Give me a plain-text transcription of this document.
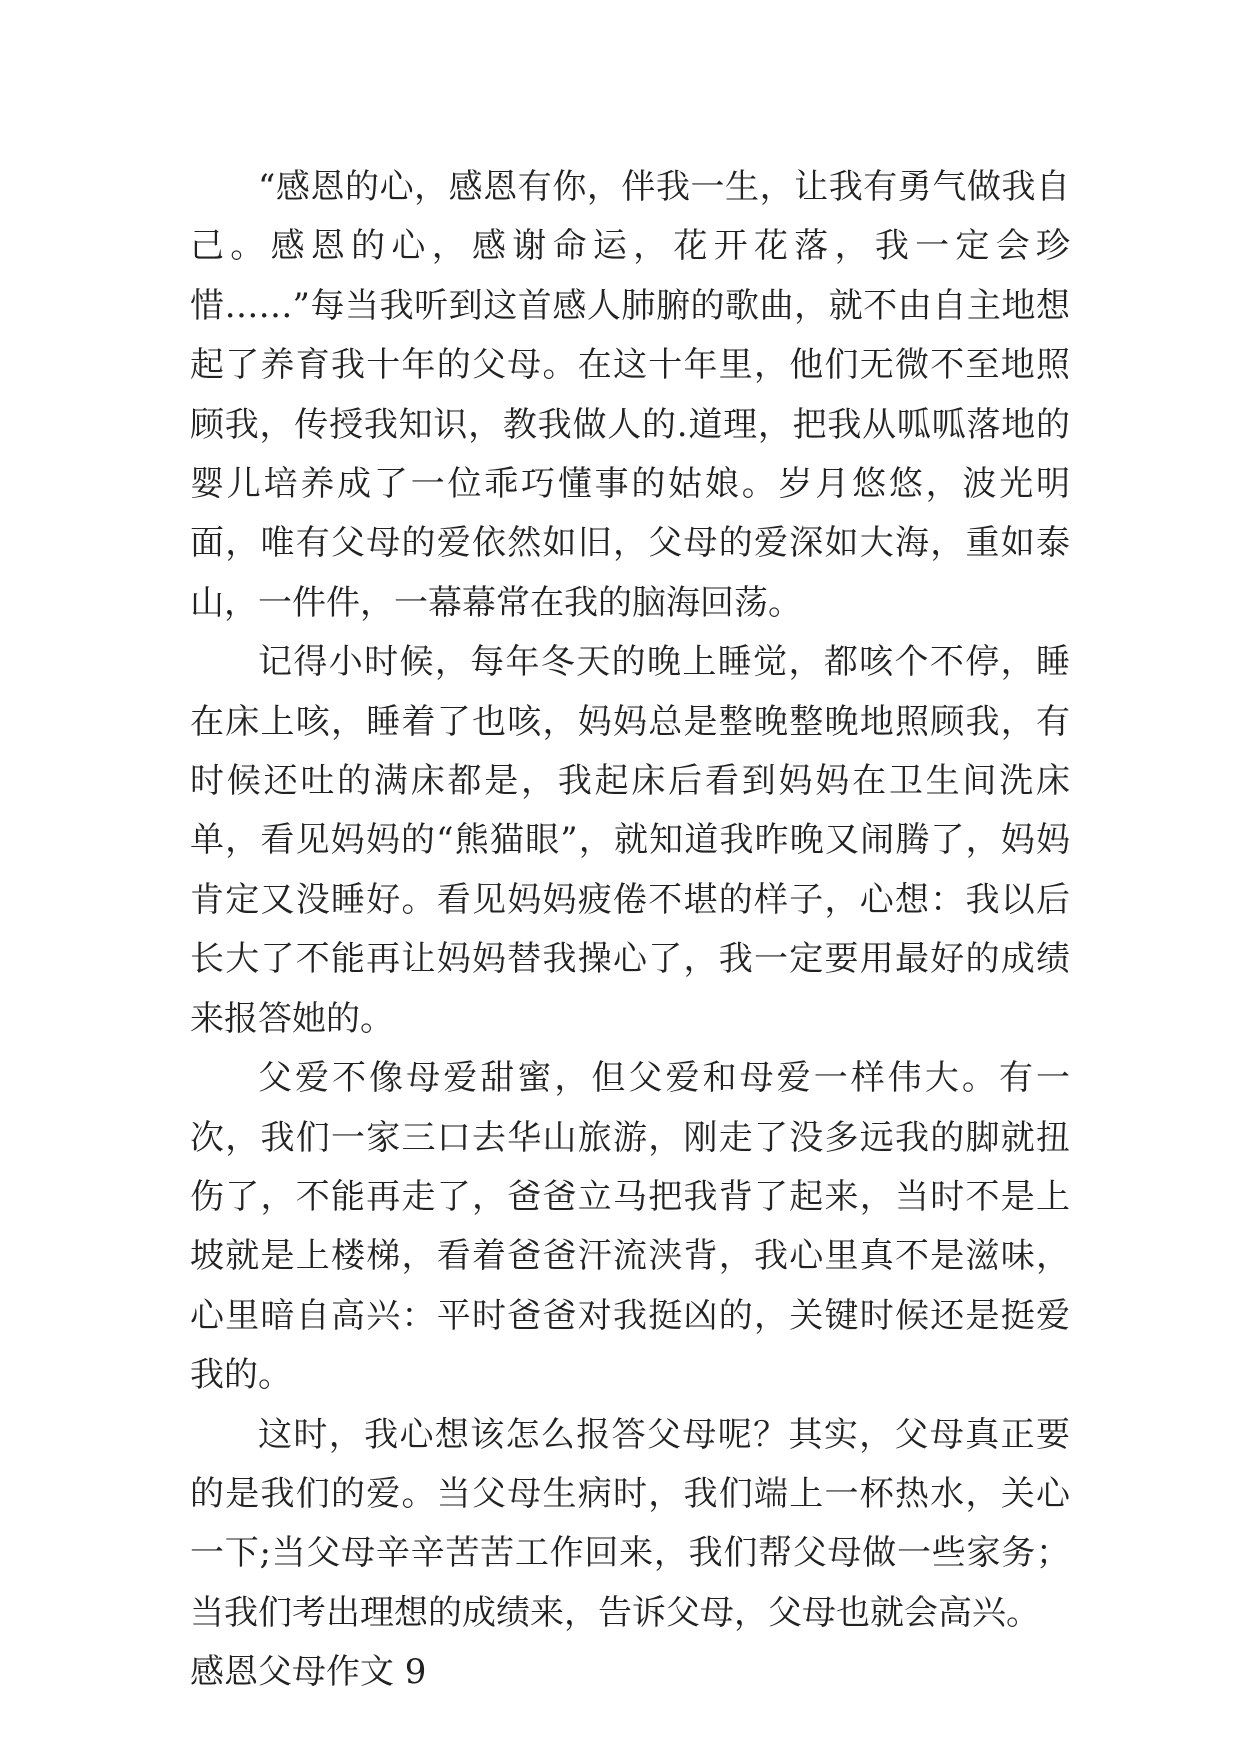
“感恩的心，感恩有你，伴我一生，让我有勇气做我自己。感恩的心，感谢命运，花开花落，我一定会珍惜……”每当我听到这首感人肺腑的歌曲，就不由自主地想起了养育我十年的父母。在这十年里，他们无微不至地照顾我，传授我知识，教我做人的.道理，把我从呱呱落地的婴儿培养成了一位乖巧懂事的姑娘。岁月悠悠，波光明面，唯有父母的爱依然如旧，父母的爱深如大海，重如泰山，一件件，一幕幕常在我的脑海回荡。

记得小时候，每年冬天的晚上睡觉，都咳个不停，睡在床上咳，睡着了也咳，妈妈总是整晚整晚地照顾我，有时候还吐的满床都是，我起床后看到妈妈在卫生间洗床单，看见妈妈的“熊猫眼”，就知道我昨晚又闹腾了，妈妈肯定又没睡好。看见妈妈疲倦不堪的样子，心想：我以后长大了不能再让妈妈替我操心了，我一定要用最好的成绩来报答她的。

父爱不像母爱甜蜜，但父爱和母爱一样伟大。有一次，我们一家三口去华山旅游，刚走了没多远我的脚就扭伤了，不能再走了，爸爸立马把我背了起来，当时不是上坡就是上楼梯，看着爸爸汗流浃背，我心里真不是滋味，心里暗自高兴：平时爸爸对我挺凶的，关键时候还是挺爱我的。

这时，我心想该怎么报答父母呢？其实，父母真正要的是我们的爱。当父母生病时，我们端上一杯热水，关心一下;当父母辛辛苦苦工作回来，我们帮父母做一些家务；当我们考出理想的成绩来，告诉父母，父母也就会高兴。

感恩父母作文 9
